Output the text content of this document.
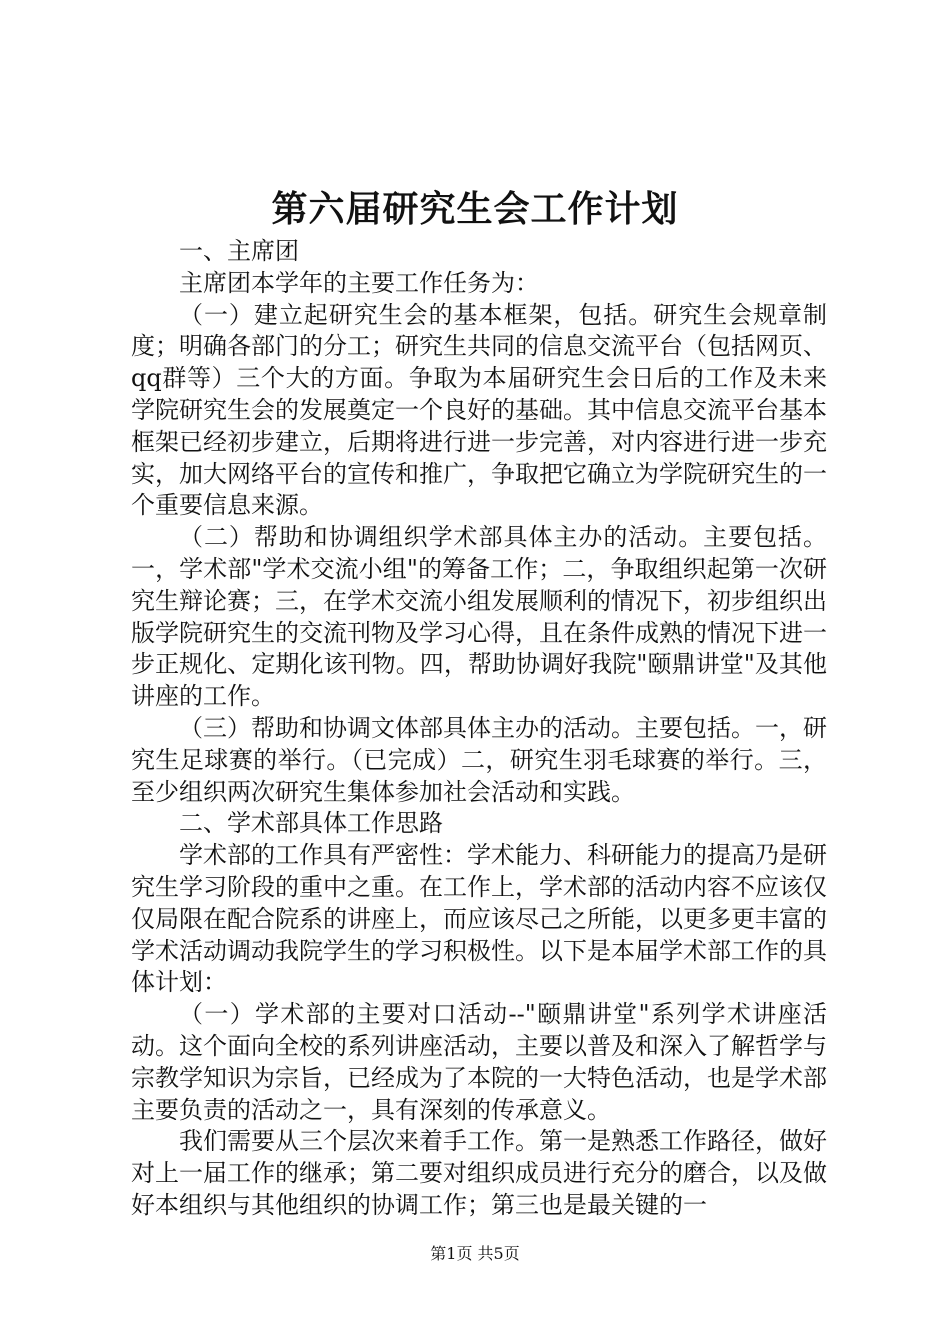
第六届研究生会工作计划

一、主席团

主席团本学年的主要工作任务为：

（一）建立起研究生会的基本框架，包括。研究生会规章制度；明确各部门的分工；研究生共同的信息交流平台（包括网页、qq群等）三个大的方面。争取为本届研究生会日后的工作及未来学院研究生会的发展奠定一个良好的基础。其中信息交流平台基本框架已经初步建立，后期将进行进一步完善，对内容进行进一步充实，加大网络平台的宣传和推广，争取把它确立为学院研究生的一个重要信息来源。

（二）帮助和协调组织学术部具体主办的活动。主要包括。一，学术部"学术交流小组"的筹备工作；二，争取组织起第一次研究生辩论赛；三，在学术交流小组发展顺利的情况下，初步组织出版学院研究生的交流刊物及学习心得，且在条件成熟的情况下进一步正规化、定期化该刊物。四，帮助协调好我院"颐鼎讲堂"及其他讲座的工作。

（三）帮助和协调文体部具体主办的活动。主要包括。一，研究生足球赛的举行。（已完成）二，研究生羽毛球赛的举行。三，至少组织两次研究生集体参加社会活动和实践。

二、学术部具体工作思路

学术部的工作具有严密性：学术能力、科研能力的提高乃是研究生学习阶段的重中之重。在工作上，学术部的活动内容不应该仅仅局限在配合院系的讲座上，而应该尽己之所能，以更多更丰富的学术活动调动我院学生的学习积极性。以下是本届学术部工作的具体计划：

（一）学术部的主要对口活动--"颐鼎讲堂"系列学术讲座活动。这个面向全校的系列讲座活动，主要以普及和深入了解哲学与宗教学知识为宗旨，已经成为了本院的一大特色活动，也是学术部主要负责的活动之一，具有深刻的传承意义。

我们需要从三个层次来着手工作。第一是熟悉工作路径，做好对上一届工作的继承；第二要对组织成员进行充分的磨合，以及做好本组织与其他组织的协调工作；第三也是最关键的一

第1页 共5页
